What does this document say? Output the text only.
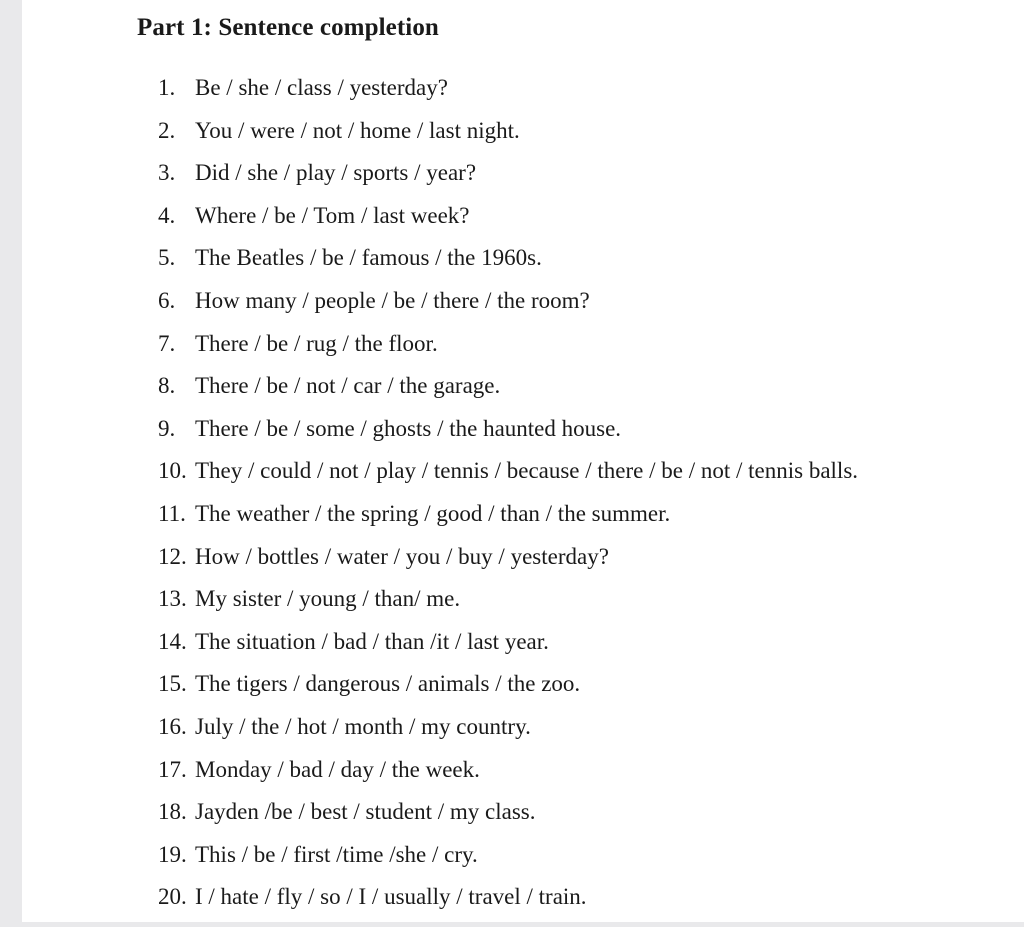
Part 1: Sentence completion
1. Be / she / class / yesterday?
2. You / were / not / home / last night.
3. Did / she / play / sports / year?
4. Where / be / Tom / last week?
5. The Beatles / be / famous / the 1960s.
6. How many / people / be / there / the room?
7. There / be / rug / the floor.
8. There / be / not / car / the garage.
9. There / be / some / ghosts / the haunted house.
10. They / could / not / play / tennis / because / there / be / not / tennis balls.
11. The weather / the spring / good / than / the summer.
12. How / bottles / water / you / buy / yesterday?
13. My sister / young / than/ me.
14. The situation / bad / than /it / last year.
15. The tigers / dangerous / animals / the zoo.
16. July / the / hot / month / my country.
17. Monday / bad / day / the week.
18. Jayden /be / best / student / my class.
19. This / be / first /time /she / cry.
20. I / hate / fly / so / I / usually / travel / train.
